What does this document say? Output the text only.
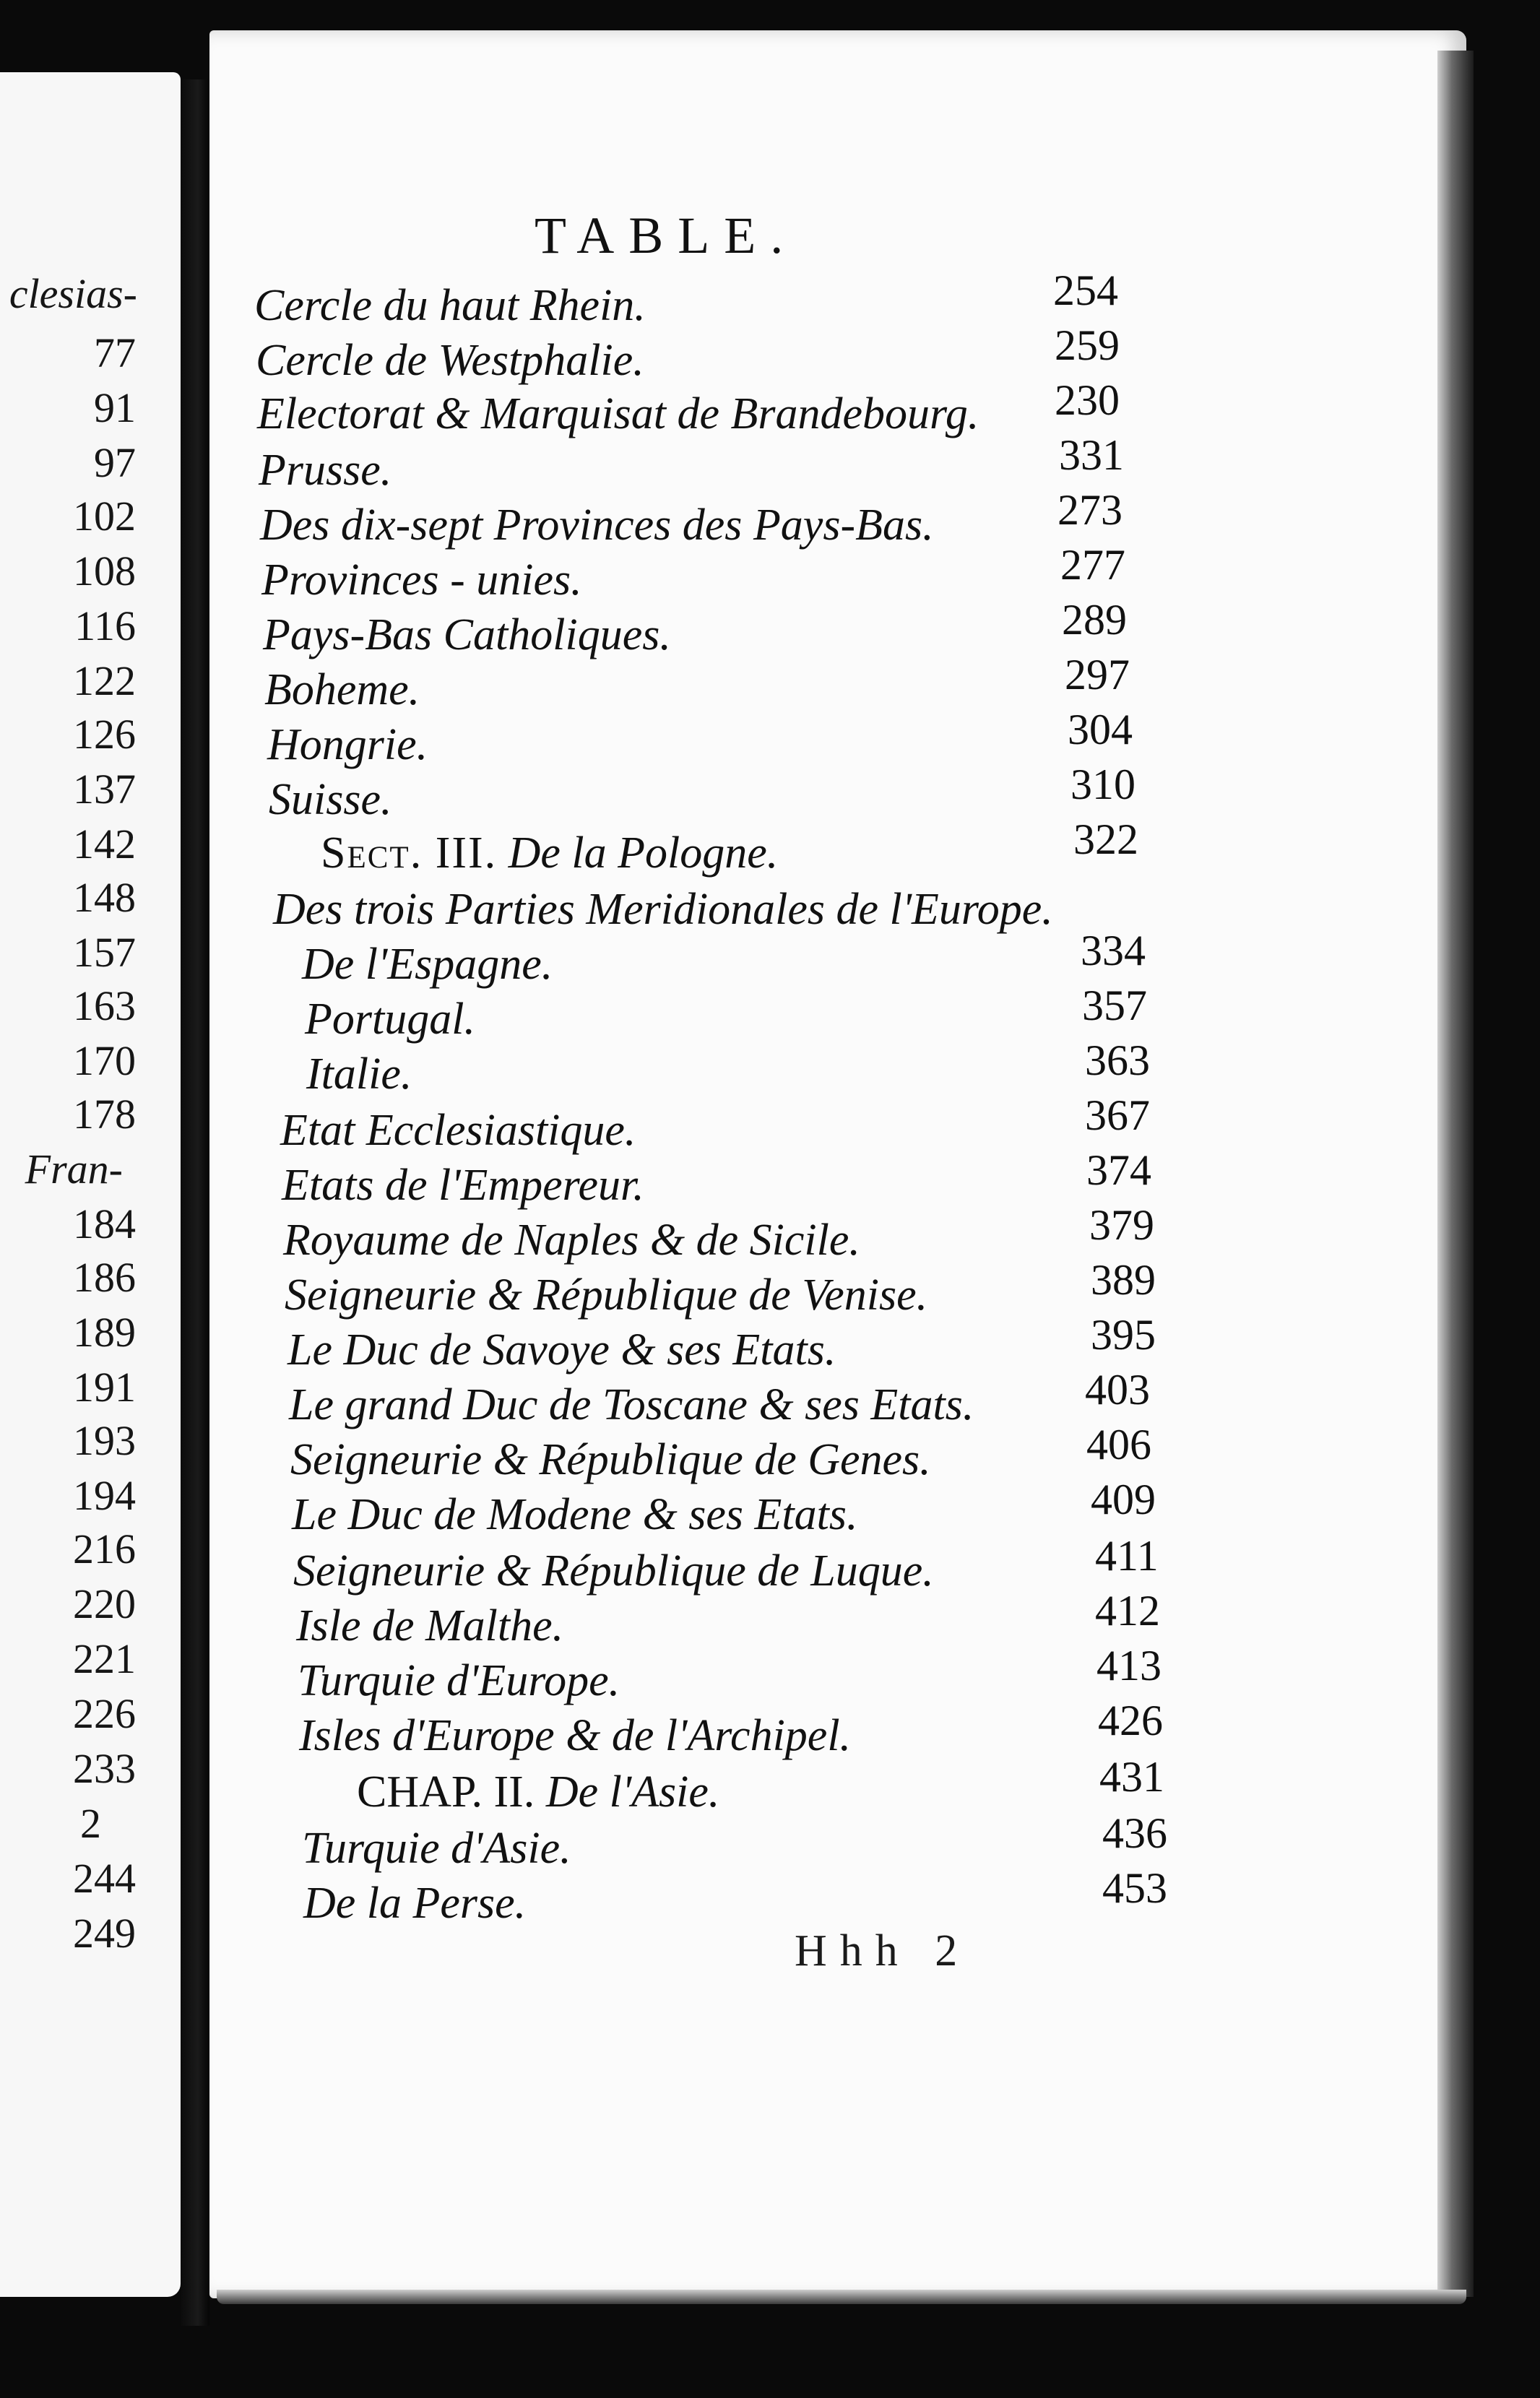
clesias-
77
91
97
102
108
116
122
126
137
142
148
157
163
170
178
Fran-
184
186
189
191
193
194
216
220
221
226
233
2
244
249
TABLE.
Cercle du haut Rhein.	254
Cercle de Westphalie.	259
Electorat & Marquisat de Brandebourg. 230
Prusse.	331
Des dix-sept Provinces des Pays-Bas.	273
Provinces - unies.	277
Pays-Bas Catholiques.	289
Boheme.	297
Hongrie.	304
Suisse.	310
Sect. III. De la Pologne.	322
Des trois Parties Meridionales de l'Europe.
De l'Espagne.	334
Portugal.	357
Italie.	363
Etat Ecclesiastique.	367
Etats de l'Empereur.	374
Royaume de Naples & de Sicile.	379
Seigneurie & République de Venise.	389
Le Duc de Savoye & ses Etats.	395
Le grand Duc de Toscane & ses Etats.	403
Seigneurie & République de Genes.	406
Le Duc de Modene & ses Etats.	409
Seigneurie & République de Luque.	411
Isle de Malthe.	412
Turquie d'Europe.	413
Isles d'Europe & de l'Archipel.	426
CHAP. II. De l'Asie.	431
Turquie d'Asie.	436
De la Perse.	453
Hhh 2
